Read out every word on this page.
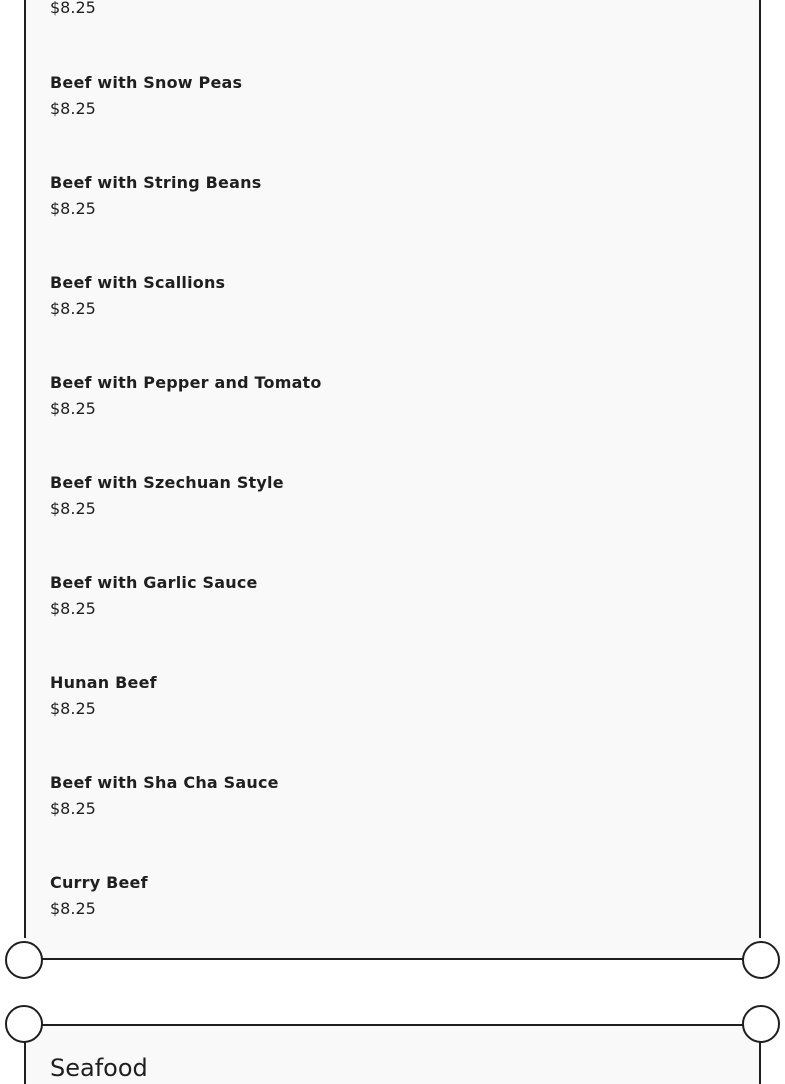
$8.25
Beef with Snow Peas
$8.25
Beef with String Beans
$8.25
Beef with Scallions
$8.25
Beef with Pepper and Tomato
$8.25
Beef with Szechuan Style
$8.25
Beef with Garlic Sauce
$8.25
Hunan Beef
$8.25
Beef with Sha Cha Sauce
$8.25
Curry Beef
$8.25
Seafood
